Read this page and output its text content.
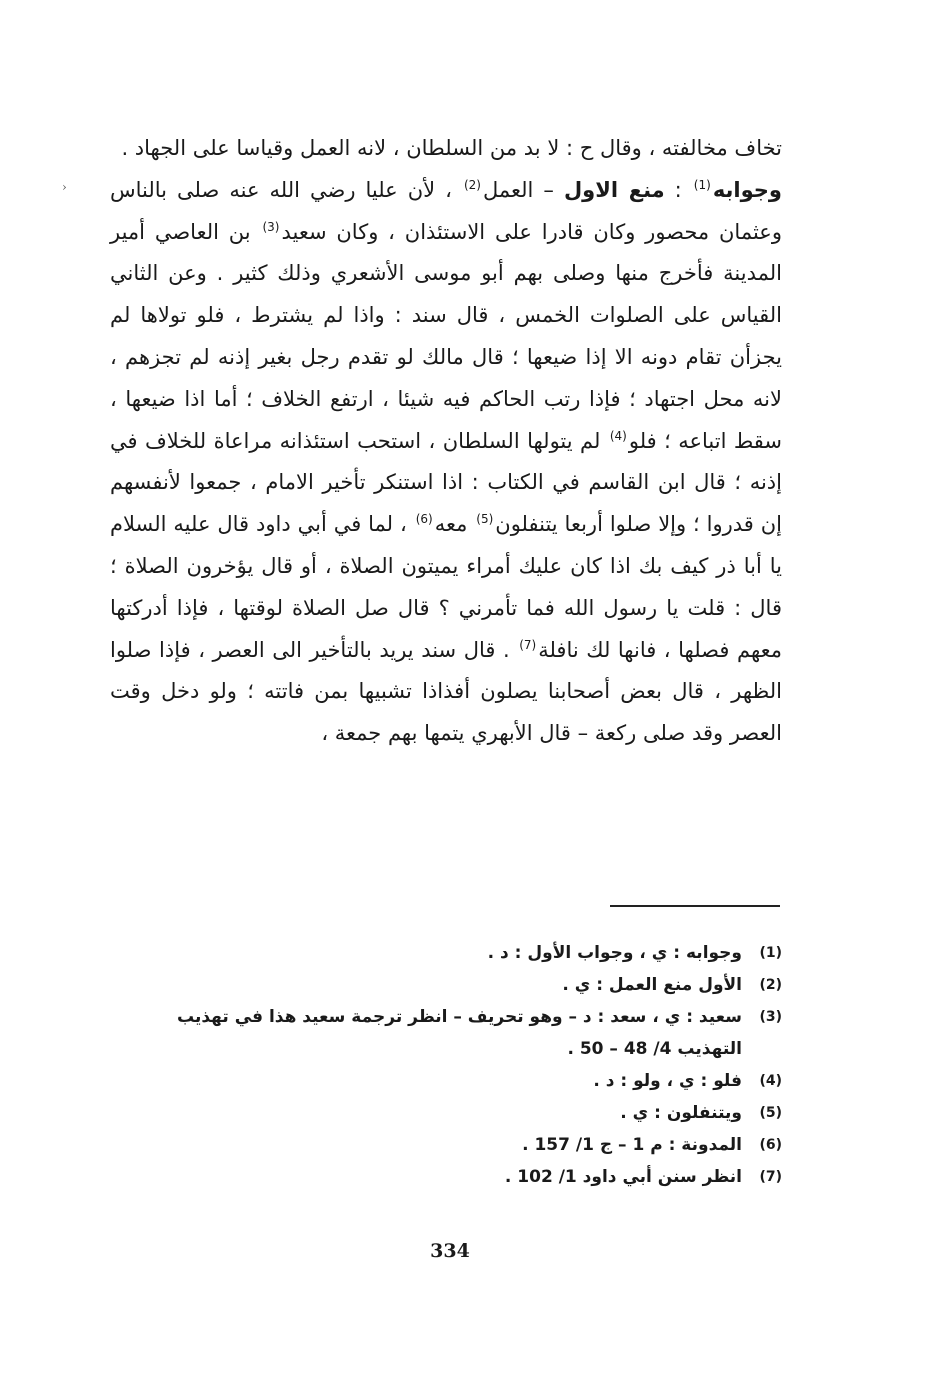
›

تخاف مخالفته ، وقال ح : لا بد من السلطان ، لانه العمل وقياسا على الجهاد .

وجوابه$^{(1)}$ : منع الاول – العمل$^{(2)}$ ، لأن عليا رضي الله عنه صلى بالناس وعثمان محصور وكان قادرا على الاستئذان ، وكان سعيد$^{(3)}$ بن العاصي أمير المدينة فأخرج منها وصلى بهم أبو موسى الأشعري وذلك كثير . وعن الثاني القياس على الصلوات الخمس ، قال سند : واذا لم يشترط ، فلو تولاها لم يجزأن تقام دونه الا إذا ضيعها ؛ قال مالك لو تقدم رجل بغير إذنه لم تجزهم ، لانه محل اجتهاد ؛ فإذا رتب الحاكم فيه شيئا ، ارتفع الخلاف ؛ أما اذا ضيعها ، سقط اتباعه ؛ فلو$^{(4)}$ لم يتولها السلطان ، استحب استئذانه مراعاة للخلاف في إذنه ؛ قال ابن القاسم في الكتاب : اذا استنكر تأخير الامام ، جمعوا لأنفسهم إن قدروا ؛ وإلا صلوا أربعا يتنفلون$^{(5)}$ معه$^{(6)}$ ، لما في أبي داود قال عليه السلام يا أبا ذر كيف بك اذا كان عليك أمراء يميتون الصلاة ، أو قال يؤخرون الصلاة ؛ قال : قلت يا رسول الله فما تأمرني ؟ قال صل الصلاة لوقتها ، فإذا أدركتها معهم فصلها ، فانها لك نافلة$^{(7)}$ . قال سند يريد بالتأخير الى العصر ، فإذا صلوا الظهر ، قال بعض أصحابنا يصلون أفذاذا تشبيها بمن فاتته ؛ ولو دخل وقت العصر وقد صلى ركعة – قال الأبهري يتمها بهم جمعة ،

(1)
وجوابه : ي ، وجواب الأول : د .
(2)
الأول منع العمل : ي .
(3)
سعيد : ي ، سعد : د – وهو تحريف – انظر ترجمة سعيد هذا في تهذيب التهذيب 4/ 48 – 50 .
(4)
فلو : ي ، ولو : د .
(5)
ويتنفلون : ي .
(6)
المدونة : م 1 – ج 1/ 157 .
(7)
انظر سنن أبي داود 1/ 102 .
334
